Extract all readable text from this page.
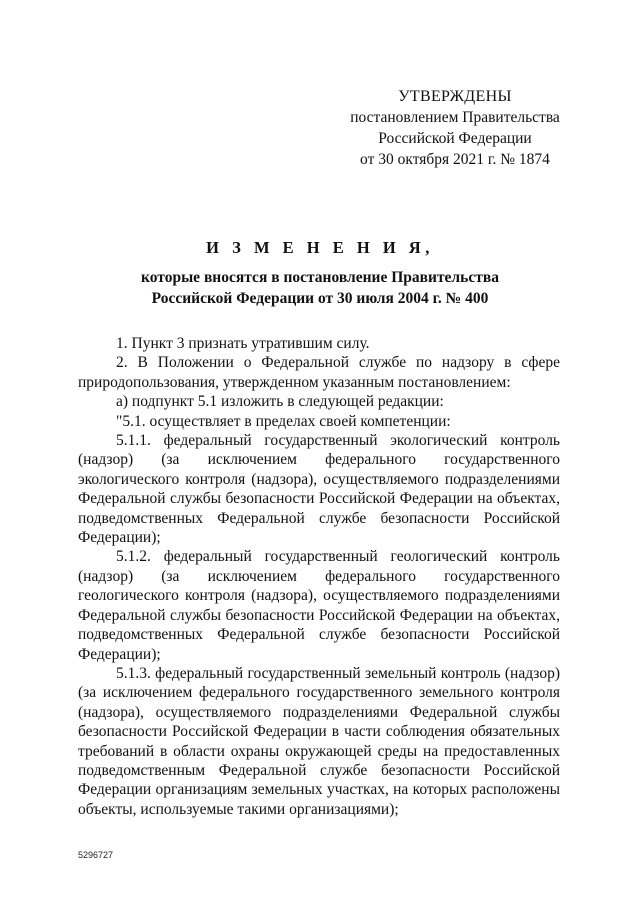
УТВЕРЖДЕНЫ
постановлением Правительства
Российской Федерации
от 30 октября 2021 г. № 1874
И З М Е Н Е Н И Я,
которые вносятся в постановление Правительства
Российской Федерации от 30 июля 2004 г. № 400

1. Пункт 3 признать утратившим силу.

2. В Положении о Федеральной службе по надзору в сфере природопользования, утвержденном указанным постановлением:

а) подпункт 5.1 изложить в следующей редакции:

"5.1. осуществляет в пределах своей компетенции:

5.1.1. федеральный государственный экологический контроль (надзор) (за исключением федерального государственного экологического контроля (надзора), осуществляемого подразделениями Федеральной службы безопасности Российской Федерации на объектах, подведомственных Федеральной службе безопасности Российской Федерации);

5.1.2. федеральный государственный геологический контроль (надзор) (за исключением федерального государственного геологического контроля (надзора), осуществляемого подразделениями Федеральной службы безопасности Российской Федерации на объектах, подведомственных Федеральной службе безопасности Российской Федерации);

5.1.3. федеральный государственный земельный контроль (надзор) (за исключением федерального государственного земельного контроля (надзора), осуществляемого подразделениями Федеральной службы безопасности Российской Федерации в части соблюдения обязательных требований в области охраны окружающей среды на предоставленных подведомственным Федеральной службе безопасности Российской Федерации организациям земельных участках, на которых расположены объекты, используемые такими организациями);

5296727
